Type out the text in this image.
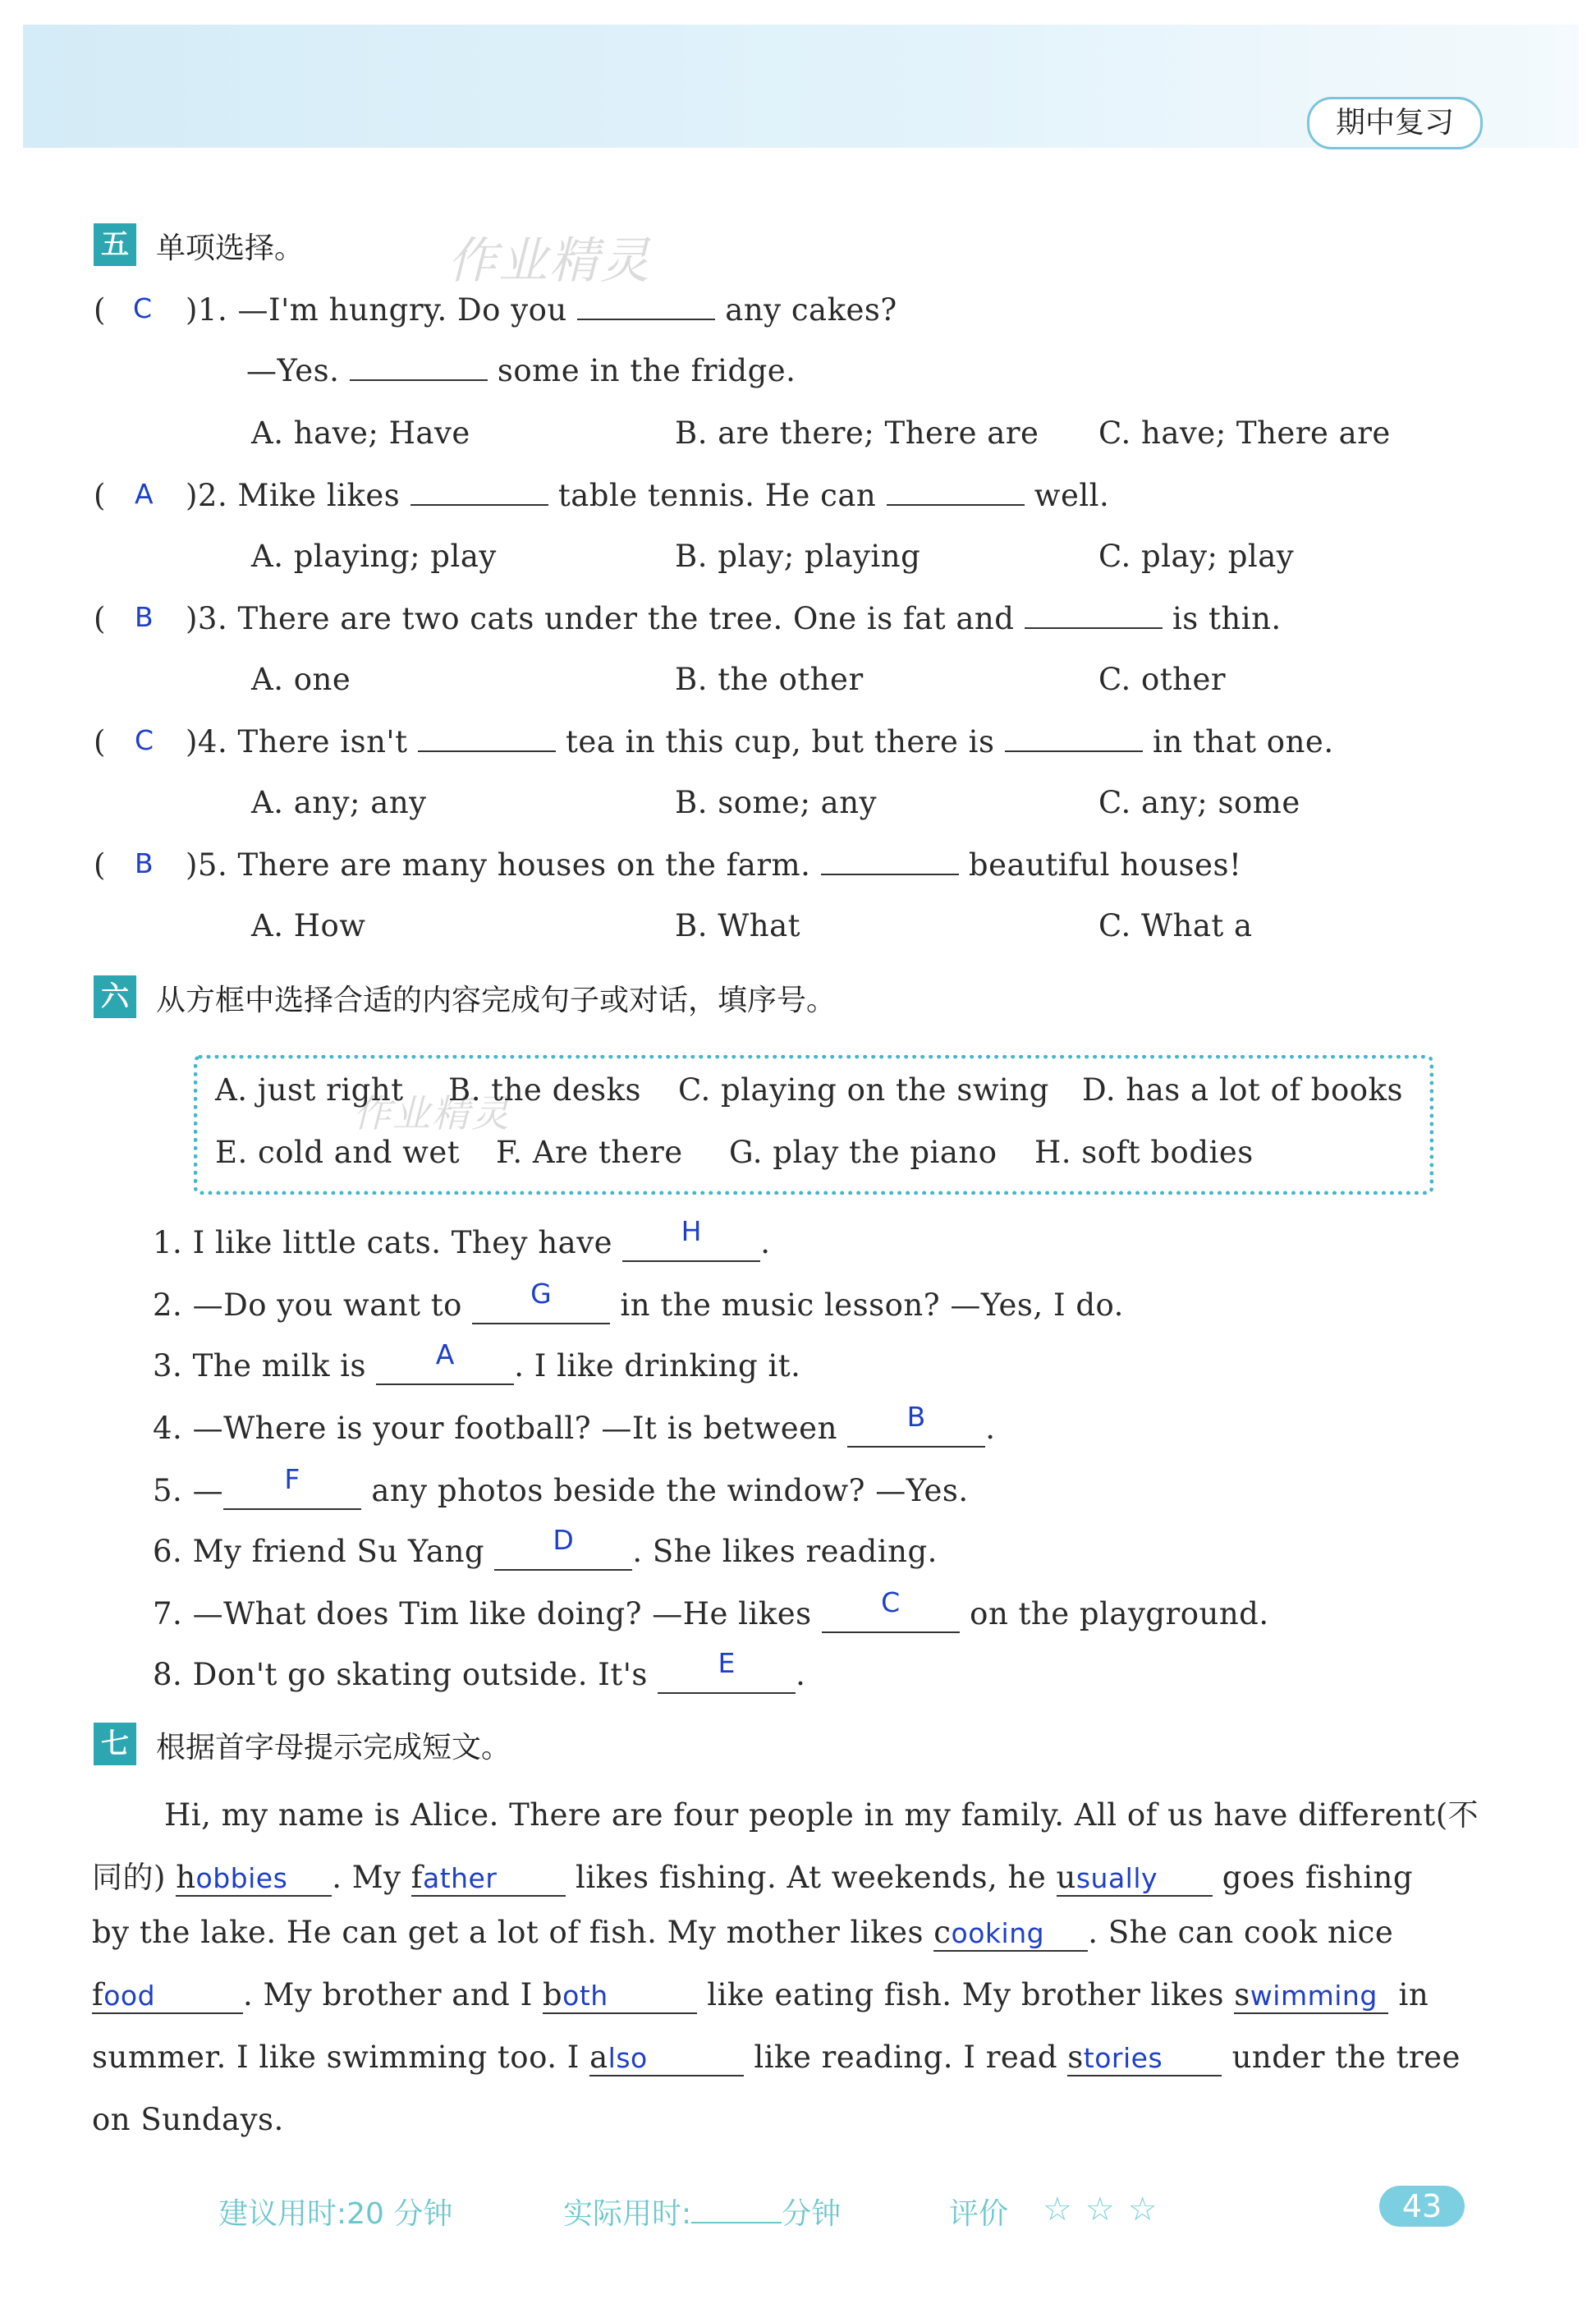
期中复习
五 单项选择。	作业精灵
( C )1. —I'm hungry. Do you	any cakes?
—Yes.	some in the fridge.
A. have; Have	B. are there; There are C. have; There are
( A )2. Mike likes	table tennis. He can	well.
A. playing; play	B. play; playing	C. play; play
( B )3. There are two cats under the tree. One is fat and	is thin.
A. one	B. the other	C. other
( C )4. There isn't	tea in this cup, but there is	in that one.
A. any; any	B. some; any	C. any; some
( B )5. There are many houses on the farm.	beautiful houses!
A. How	B. What	C. What a
六 从方框中选择合适的内容完成句子或对话，填序号。
作业精灵
A. just right B. the desks C. playing on the swing D. has a lot of books
E. cold and wet F. Are there G. play the piano H. soft bodies
1. I like little cats. They have	H	.
2. —Do you want to	G	in the music lesson? —Yes, I do.
3. The milk is	A	. I like drinking it.
4. —Where is your football? —It is between	B	.
5. —	F	any photos beside the window? —Yes.
6. My friend Su Yang	D	. She likes reading.
7. —What does Tim like doing? —He likes	C	on the playground.
8. Don't go skating outside. It's	E	.
七 根据首字母提示完成短文。
Hi, my name is Alice. There are four people in my family. All of us have different(不
同的) hobbies . My father	likes fishing. At weekends, he usually goes fishing
by the lake. He can get a lot of fish. My mother likes cooking . She can cook nice
food	. My brother and I both	like eating fish. My brother likes swimming in
summer. I like swimming too. I also	like reading. I read stories under the tree
on Sundays.
建议用时:20 分钟	实际用时:	分钟	评价 ☆☆☆	43
